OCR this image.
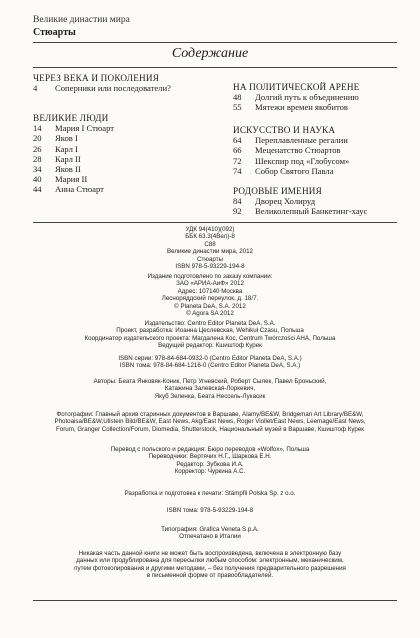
Великие династии мира
Стюарты
Содержание
ЧЕРЕЗ ВЕКА И ПОКОЛЕНИЯ
4	Соперники или последователи?
ВЕЛИКИЕ ЛЮДИ
14	Мария I Стюарт
20	Яков I
26	Карл I
28	Карл II
34	Яков II
40	Мария II
44	Анна Стюарт
НА ПОЛИТИЧЕСКОЙ АРЕНЕ
48	Долгий путь к объединению
55	Мятежи времен якобитов
ИСКУССТВО И НАУКА
64	Переплавленные регалии
66	Меценатство Стюартов
72	Шекспир под «Глобусом»
74	Собор Святого Павла
РОДОВЫЕ ИМЕНИЯ
84	Дворец Холируд
92	Великолепный Банкетинг-хаус
УДК 94(410)(092)
ББК 63.3(4Вел)-8
С88
Великие династии мира, 2012
Стюарты
ISBN 978-5-93229-194-8
Издание подготовлено по заказу компании:
ЗАО «АРИА-АиФ» 2012
Адрес: 107140 Москва
Лесноряддский переулок, д. 18/7.
© Planeta DeA, S.A. 2012
© Agora SA 2012
Издательство: Centro Editor Planeta DeA, S.A.
Проект, разработка: Иоанна Цеслевская, Wehikuł Czasu, Польша
Координатор издательского проекта: Магдалена Кос, Centrum Twórczości AHA, Польша
Ведущий редактор: Кшиштоф Курек
ISBN серии: 978-84-684-0932-0 (Centro Editor Planeta DeA, S.A.)
ISBN тома: 978-84-684-1216-0 (Centro Editor Planeta DeA, S.A.)
Авторы: Беата Янковяк-Коник, Петр Угневский, Роберт Сылек, Павел Броньский,
Катажина Залевская-Лоркевич,
Якуб Зеленка, Беата Нессель-Лукасик
Фотографии: Главный архив старинных документов в Варшаве, Alamy/BE&W, Bridgeman Art Library/BE&W,
Photoaisa/BE&W,Ullstein Bild/BE&W, East News, Akg/East News, Roger Viollet/East News, Leemage/East News,
Forum, Granger Collection/Forum, Diomedia, Shutterstock, Национальный музей в Варшаве, Кшиштоф Курек
Перевод с польского и редакция: Бюро переводов «Wolfox», Польша
Переводчики: Вертячих Н.Г., Шаркова Е.Н.
Редактор: Зубкова И.А.
Корректор: Чуркина А.С.
Разработка и подготовка к печати: Stämpfli Polska Sp. z o.o.
ISBN тома: 978-5-93229-194-8
Типография: Grafica Veneta S.p.A.
Отпечатано в Италии
Никакая часть данной книги не может быть воспроизведена, включена в электронную базу
данных или продублирована для пересылки любым способом: электронным, механическим,
путем фотокопирования и другими методами, – без получения предварительного разрешения
в письменной форме от правообладателей.
